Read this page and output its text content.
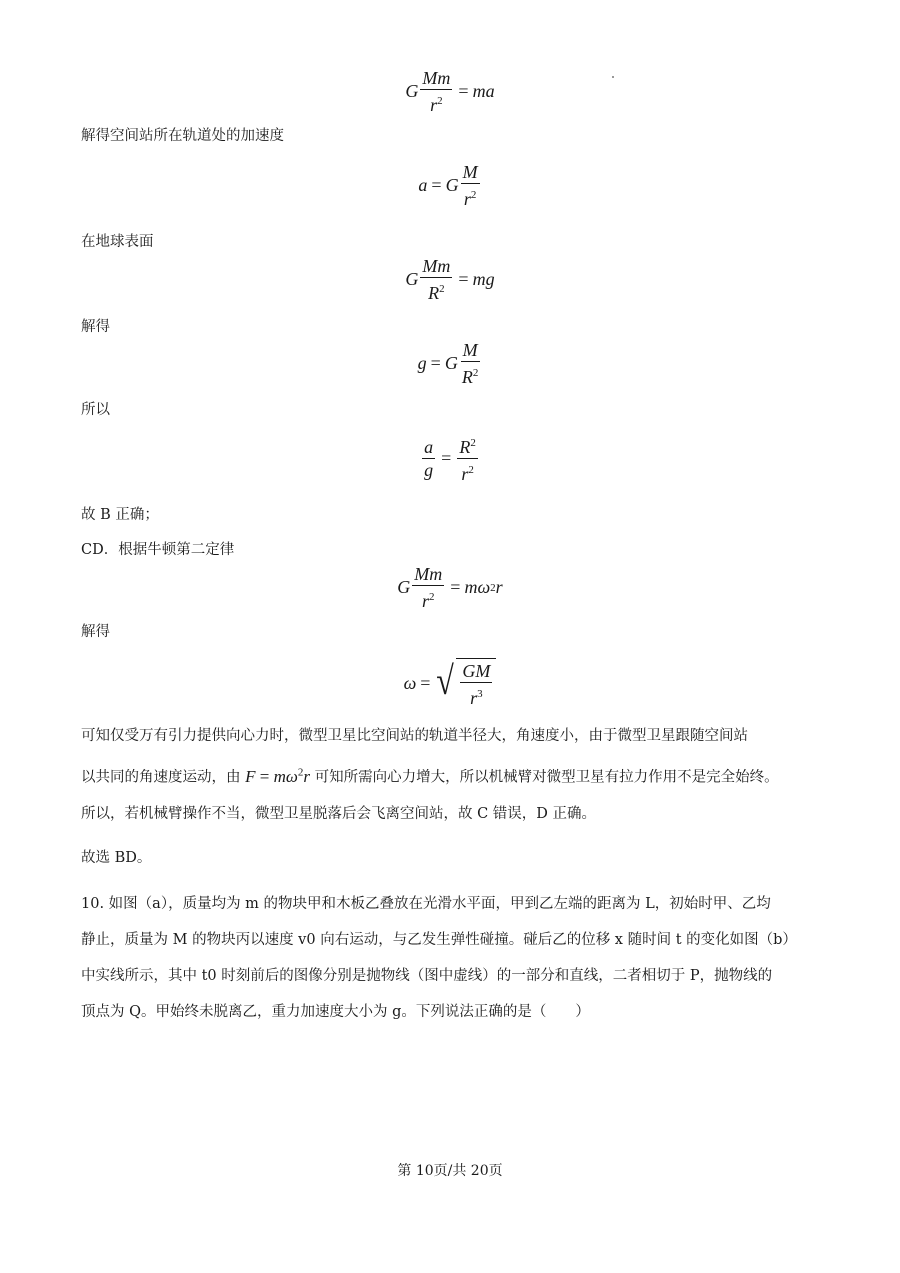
G $\frac{Mm}{r^2}$ = ma
解得空间站所在轨道处的加速度
a = G $\frac{M}{r^2}$
在地球表面
G $\frac{Mm}{R^2}$ = mg
解得
g = G $\frac{M}{R^2}$
所以
$\frac{a}{g} = \frac{R^2}{r^2}$
故 B 正确；
CD．根据牛顿第二定律
G $\frac{Mm}{r^2} = m\omega$ 2 r
解得
ω = √ $\frac{GM}{r^3}$

可知仅受万有引力提供向心力时，微型卫星比空间站的轨道半径大，角速度小，由于微型卫星跟随空间站

以共同的角速度运动，由 $F = m\omega^2r$ 可知所需向心力增大，所以机械臂对微型卫星有拉力作用不是完全始终。

所以，若机械臂操作不当，微型卫星脱落后会飞离空间站，故 C 错误，D 正确。

故选 BD。

10. 如图（a），质量均为 m 的物块甲和木板乙叠放在光滑水平面，甲到乙左端的距离为 L，初始时甲、乙均

静止，质量为 M 的物块丙以速度 v0 向右运动，与乙发生弹性碰撞。碰后乙的位移 x 随时间 t 的变化如图（b）

中实线所示，其中 t0 时刻前后的图像分别是抛物线（图中虚线）的一部分和直线，二者相切于 P，抛物线的

顶点为 Q。甲始终未脱离乙，重力加速度大小为 g。下列说法正确的是（　　）

第 10页/共 20页
